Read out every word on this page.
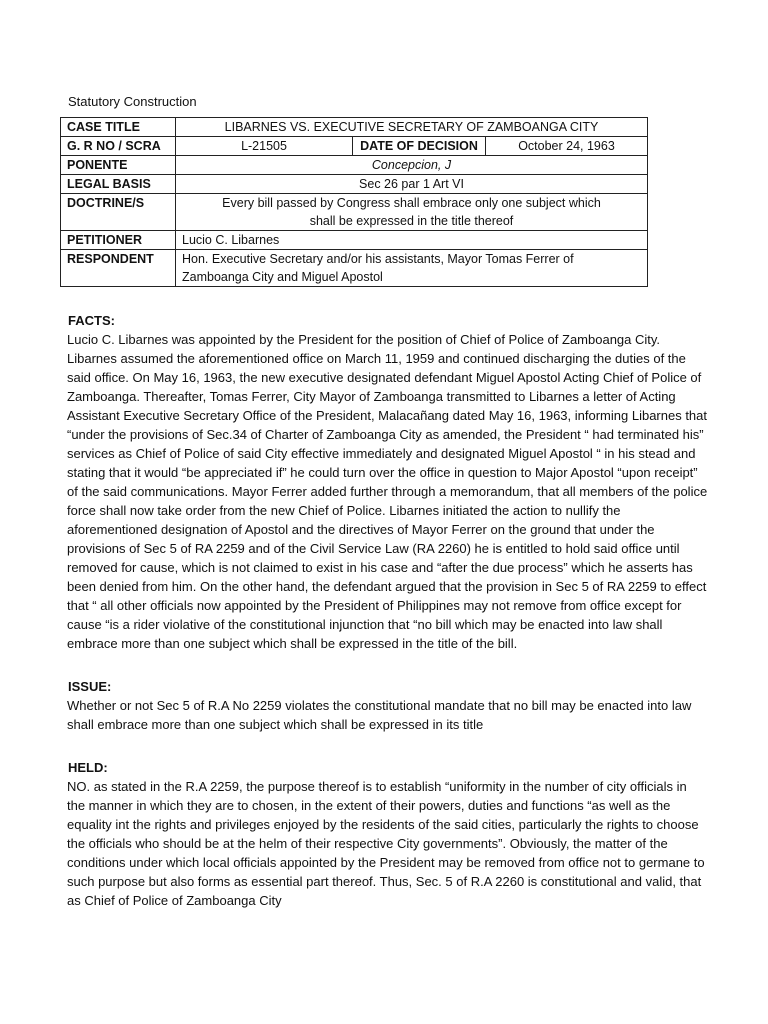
Statutory Construction
CASE TITLE	LIBARNES VS. EXECUTIVE SECRETARY OF ZAMBOANGA CITY		
G. R NO / SCRA	L-21505	DATE OF DECISION	October 24, 1963
PONENTE	Concepcion, J		
LEGAL BASIS	Sec 26 par 1 Art VI		
DOCTRINE/S	Every bill passed by Congress shall embrace only one subject which shall be expressed in the title thereof		
PETITIONER	Lucio C. Libarnes		
RESPONDENT	Hon. Executive Secretary and/or his assistants, Mayor Tomas Ferrer of Zamboanga City and Miguel Apostol		
FACTS:
Lucio C. Libarnes was appointed by the President for the position of Chief of Police of Zamboanga City. Libarnes assumed the aforementioned office on March 11, 1959 and continued discharging the duties of the said office. On May 16, 1963, the new executive designated defendant Miguel Apostol Acting Chief of Police of Zamboanga. Thereafter, Tomas Ferrer, City Mayor of Zamboanga transmitted to Libarnes a letter of Acting Assistant Executive Secretary Office of the President, Malacañang dated May 16, 1963, informing Libarnes that “under the provisions of Sec.34 of Charter of Zamboanga City as amended, the President “ had terminated his” services as Chief of Police of said City effective immediately and designated Miguel Apostol “ in his stead and stating that it would “be appreciated if” he could turn over the office in question to Major Apostol “upon receipt” of the said communications. Mayor Ferrer added further through a memorandum, that all members of the police force shall now take order from the new Chief of Police. Libarnes initiated the action to nullify the aforementioned designation of Apostol and the directives of Mayor Ferrer on the ground that under the provisions of Sec 5 of RA 2259 and of the Civil Service Law (RA 2260) he is entitled to hold said office until removed for cause, which is not claimed to exist in his case and “after the due process” which he asserts has been denied from him. On the other hand, the defendant argued that the provision in Sec 5 of RA 2259 to effect that “ all other officials now appointed by the President of Philippines may not remove from office except for cause “is a rider violative of the constitutional injunction that “no bill which may be enacted into law shall embrace more than one subject which shall be expressed in the title of the bill.
ISSUE:
Whether or not Sec 5 of R.A No 2259 violates the constitutional mandate that no bill may be enacted into law shall embrace more than one subject which shall be expressed in its title
HELD:
NO. as stated in the R.A 2259, the purpose thereof is to establish “uniformity in the number of city officials in the manner in which they are to chosen, in the extent of their powers, duties and functions “as well as the equality int the rights and privileges enjoyed by the residents of the said cities, particularly the rights to choose the officials who should be at the helm of their respective City governments”. Obviously, the matter of the conditions under which local officials appointed by the President may be removed from office not to germane to such purpose but also forms as essential part thereof. Thus, Sec. 5 of R.A 2260 is constitutional and valid, that as Chief of Police of Zamboanga City
